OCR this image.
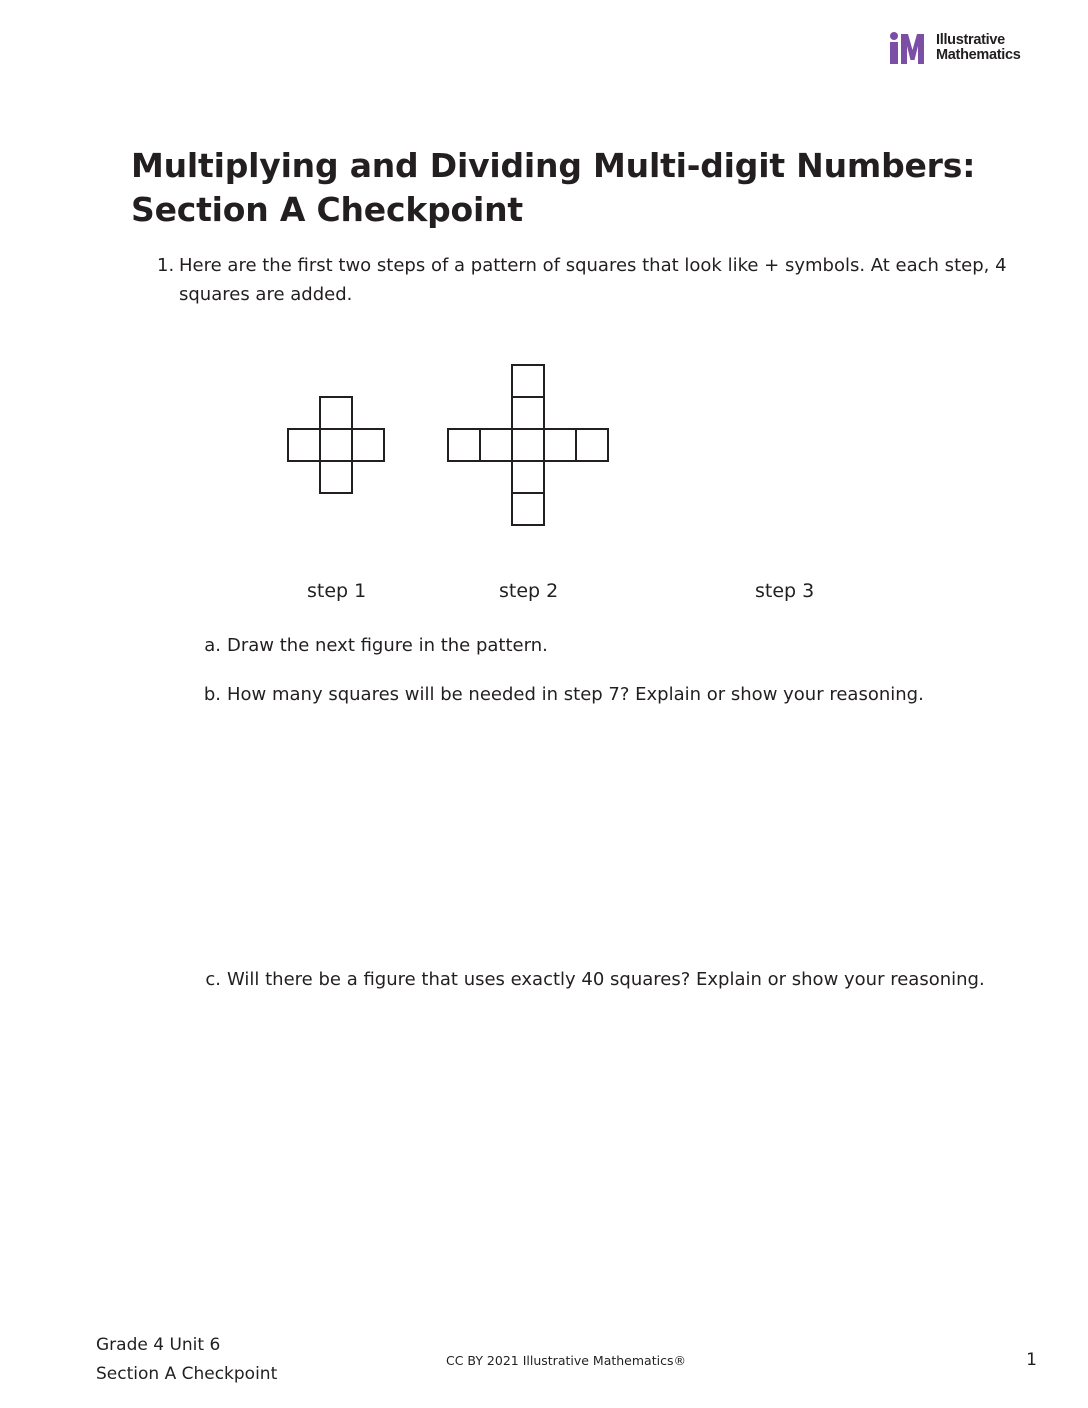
Illustrative
Mathematics
Multiplying and Dividing Multi-digit Numbers:
Section A Checkpoint
1. Here are the first two steps of a pattern of squares that look like + symbols. At each step, 4 squares are added.
step 1	step 2	step 3
a. Draw the next figure in the pattern.
b. How many squares will be needed in step 7? Explain or show your reasoning.
c. Will there be a figure that uses exactly 40 squares? Explain or show your reasoning.
Grade 4 Unit 6
Section A Checkpoint
CC BY 2021 Illustrative Mathematics®	1
